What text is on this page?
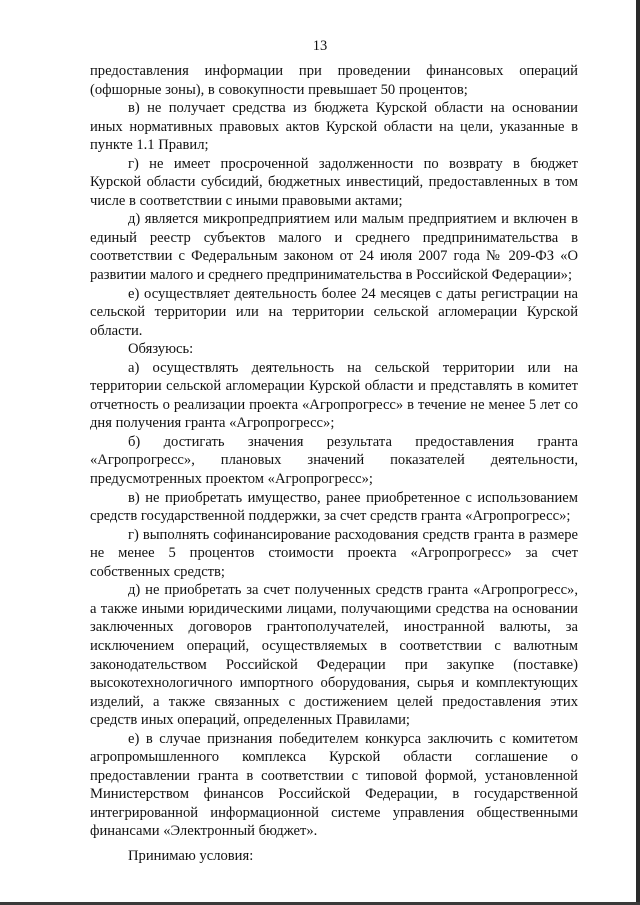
13

предоставления информации при проведении финансовых операций (офшорные зоны), в совокупности превышает 50 процентов;

в) не получает средства из бюджета Курской области на основании иных нормативных правовых актов Курской области на цели, указанные в пункте 1.1 Правил;

г) не имеет просроченной задолженности по возврату в бюджет Курской области субсидий, бюджетных инвестиций, предоставленных в том числе в соответствии с иными правовыми актами;

д) является микропредприятием или малым предприятием и включен в единый реестр субъектов малого и среднего предпринимательства в соответствии с Федеральным законом от 24 июля 2007 года № 209-ФЗ «О развитии малого и среднего предпринимательства в Российской Федерации»;

е) осуществляет деятельность более 24 месяцев с даты регистрации на сельской территории или на территории сельской агломерации Курской области.

Обязуюсь:

а) осуществлять деятельность на сельской территории или на территории сельской агломерации Курской области и представлять в комитет отчетность о реализации проекта «Агропрогресс» в течение не менее 5 лет со дня получения гранта «Агропрогресс»;

б) достигать значения результата предоставления гранта «Агропрогресс», плановых значений показателей деятельности, предусмотренных проектом «Агропрогресс»;

в) не приобретать имущество, ранее приобретенное с использованием средств государственной поддержки, за счет средств гранта «Агропрогресс»;

г) выполнять софинансирование расходования средств гранта в размере не менее 5 процентов стоимости проекта «Агропрогресс» за счет собственных средств;

д) не приобретать за счет полученных средств гранта «Агропрогресс», а также иными юридическими лицами, получающими средства на основании заключенных договоров грантополучателей, иностранной валюты, за исключением операций, осуществляемых в соответствии с валютным законодательством Российской Федерации при закупке (поставке) высокотехнологичного импортного оборудования, сырья и комплектующих изделий, а также связанных с достижением целей предоставления этих средств иных операций, определенных Правилами;

е) в случае признания победителем конкурса заключить с комитетом агропромышленного комплекса Курской области соглашение о предоставлении гранта в соответствии с типовой формой, установленной Министерством финансов Российской Федерации, в государственной интегрированной информационной системе управления общественными финансами «Электронный бюджет».

Принимаю условия:
